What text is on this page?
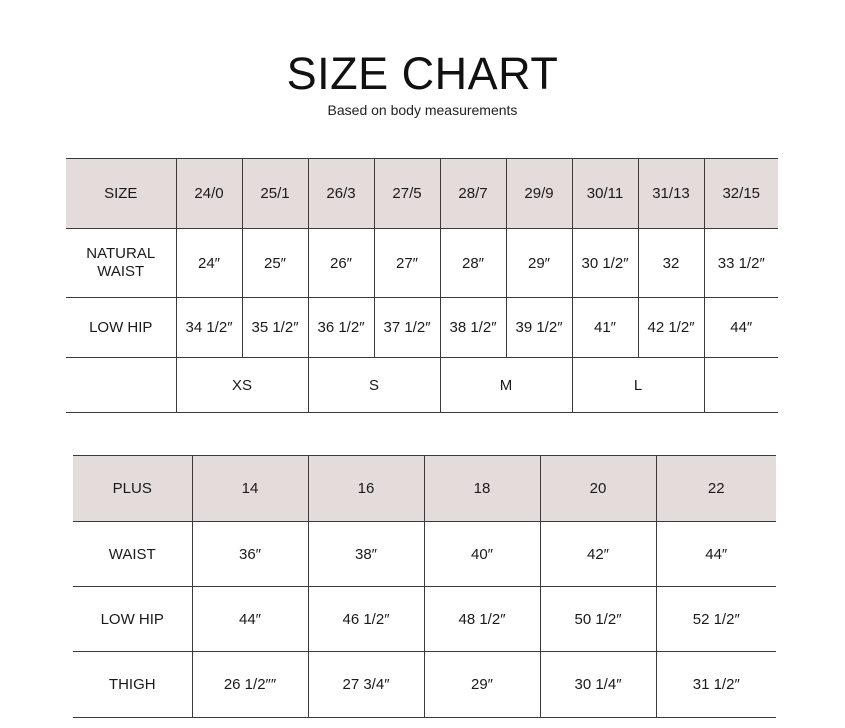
SIZE CHART
Based on body measurements
SIZE	24/0	25/1	26/3	27/5	28/7	29/9	30/11	31/13	32/15
NATURAL
WAIST	24″	25″	26″	27″	28″	29″	30 1/2″	32	33 1/2″
LOW HIP	34 1/2″	35 1/2″	36 1/2″	37 1/2″	38 1/2″	39 1/2″	41″	42 1/2″	44″
	XS		S		M		L		
PLUS	14	16	18	20	22
WAIST	36″	38″	40″	42″	44″
LOW HIP	44″	46 1/2″	48 1/2″	50 1/2″	52 1/2″
THIGH	26 1/2″″	27 3/4″	29″	30 1/4″	31 1/2″
